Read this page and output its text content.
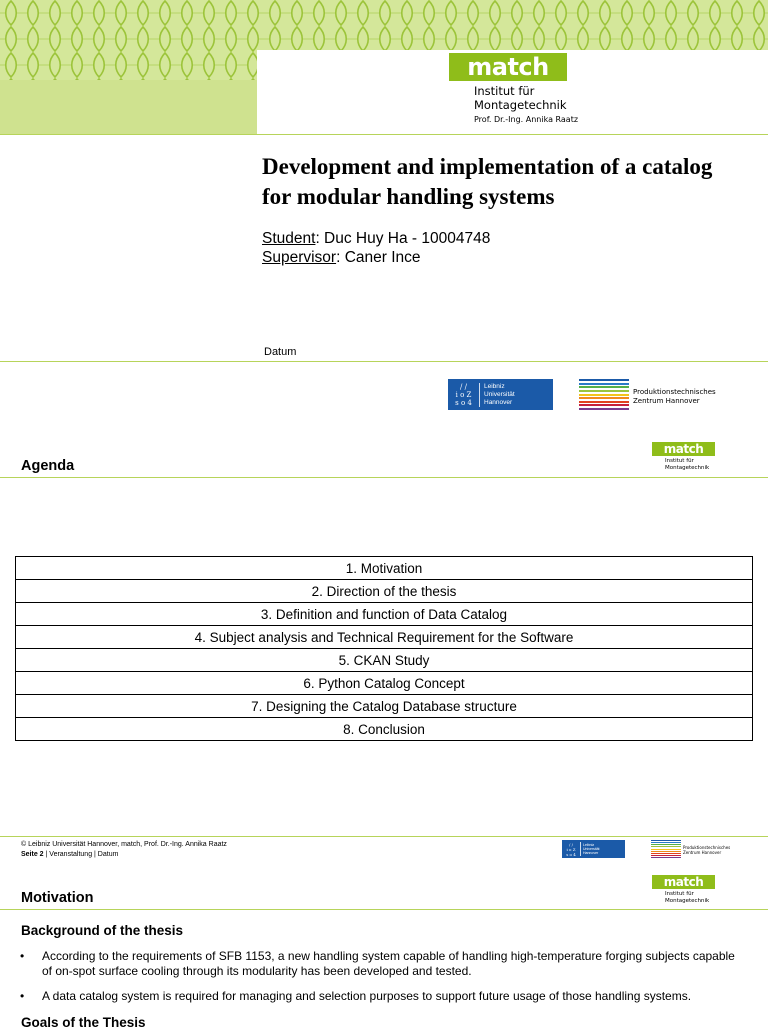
match
Institut für
Montagetechnik
Prof. Dr.-Ing. Annika Raatz
Development and implementation of a catalog for modular handling systems
Student: Duc Huy Ha - 10004748
Supervisor: Caner Ince
Datum
/ /
i o Z
s o 4
Leibniz
Universität
Hannover
Produktionstechnisches
Zentrum Hannover
match
Institut für
Montagetechnik
Agenda
1. Motivation
2. Direction of the thesis
3. Definition and function of Data Catalog
4. Subject analysis and Technical Requirement for the Software
5. CKAN Study
6. Python Catalog Concept
7. Designing the Catalog Database structure
8. Conclusion
© Leibniz Universität Hannover, match, Prof. Dr.-Ing. Annika Raatz
Seite 2 | Veranstaltung | Datum
/ /
i o Z
s o 4
Leibniz
Universität
Hannover
Produktionstechnisches
Zentrum Hannover
match
Institut für
Montagetechnik
Motivation
Background of the thesis
•	According to the requirements of SFB 1153, a new handling system capable of handling high-temperature forging subjects capable of on-spot surface cooling through its modularity has been developed and tested.
•	A data catalog system is required for managing and selection purposes to support future usage of those handling systems.
Goals of the Thesis
